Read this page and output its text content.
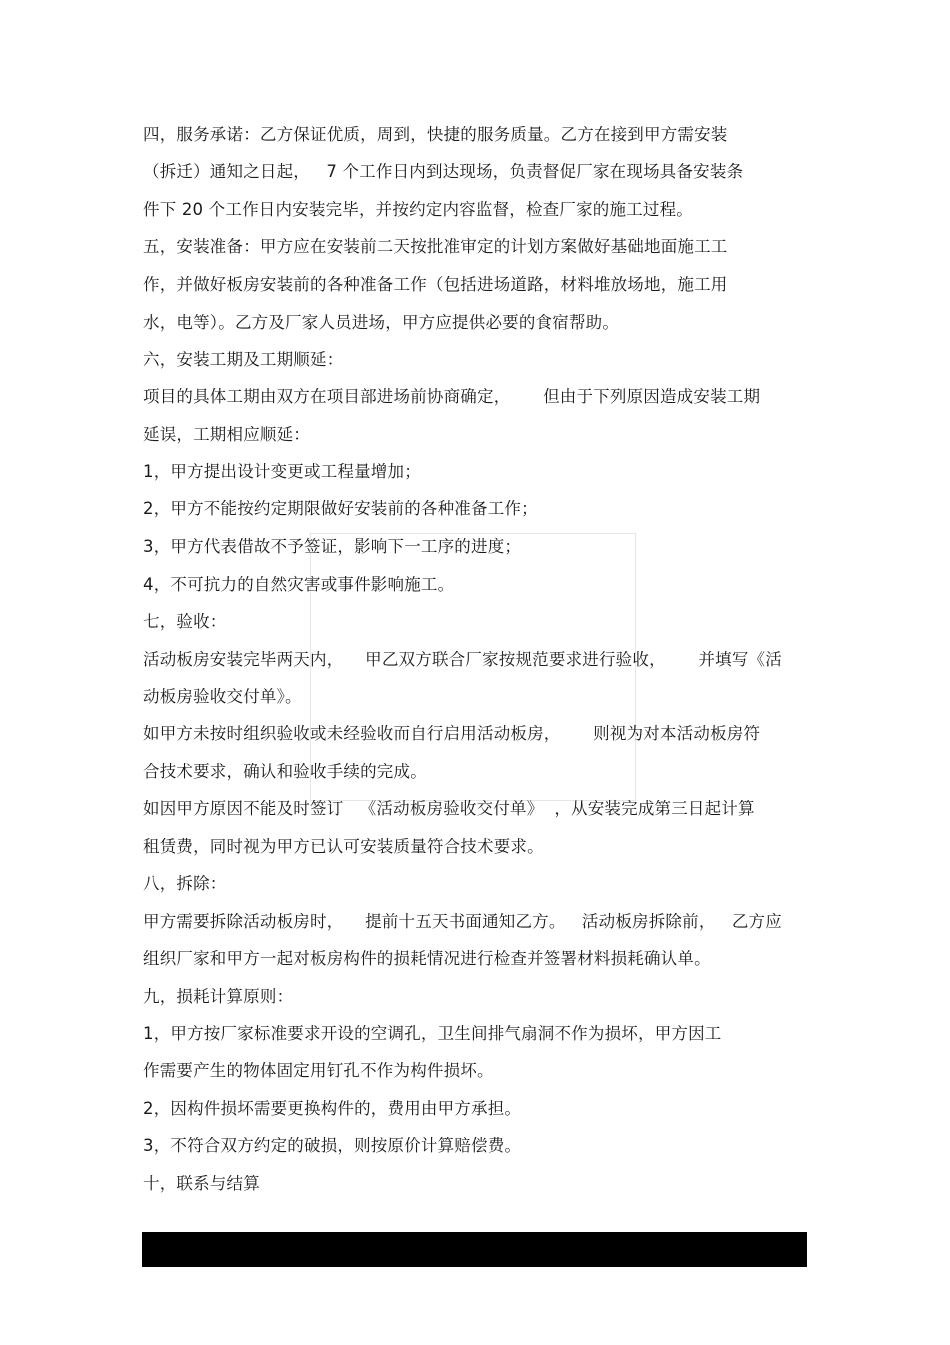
四，服务承诺：乙方保证优质，周到，快捷的服务质量。乙方在接到甲方需安装
（拆迁）通知之日起，   7 个工作日内到达现场，负责督促厂家在现场具备安装条
件下 20 个工作日内安装完毕，并按约定内容监督，检查厂家的施工过程。
五，安装准备：甲方应在安装前二天按批准审定的计划方案做好基础地面施工工
作，并做好板房安装前的各种准备工作（包括进场道路，材料堆放场地，施工用
水，电等）。乙方及厂家人员进场，甲方应提供必要的食宿帮助。
六，安装工期及工期顺延：
项目的具体工期由双方在项目部进场前协商确定，      但由于下列原因造成安装工期
延误，工期相应顺延：
1，甲方提出设计变更或工程量增加；
2，甲方不能按约定期限做好安装前的各种准备工作；
3，甲方代表借故不予签证，影响下一工序的进度；
4，不可抗力的自然灾害或事件影响施工。
七，验收：
活动板房安装完毕两天内，    甲乙双方联合厂家按规范要求进行验收，      并填写《活
动板房验收交付单》。
如甲方未按时组织验收或未经验收而自行启用活动板房，      则视为对本活动板房符
合技术要求，确认和验收手续的完成。
如因甲方原因不能及时签订   《活动板房验收交付单》  ，从安装完成第三日起计算
租赁费，同时视为甲方已认可安装质量符合技术要求。
八，拆除：
甲方需要拆除活动板房时，    提前十五天书面通知乙方。   活动板房拆除前，   乙方应
组织厂家和甲方一起对板房构件的损耗情况进行检查并签署材料损耗确认单。
九，损耗计算原则：
1，甲方按厂家标准要求开设的空调孔，卫生间排气扇洞不作为损坏，甲方因工
作需要产生的物体固定用钉孔不作为构件损坏。
2，因构件损坏需要更换构件的，费用由甲方承担。
3，不符合双方约定的破损，则按原价计算赔偿费。
十，联系与结算
